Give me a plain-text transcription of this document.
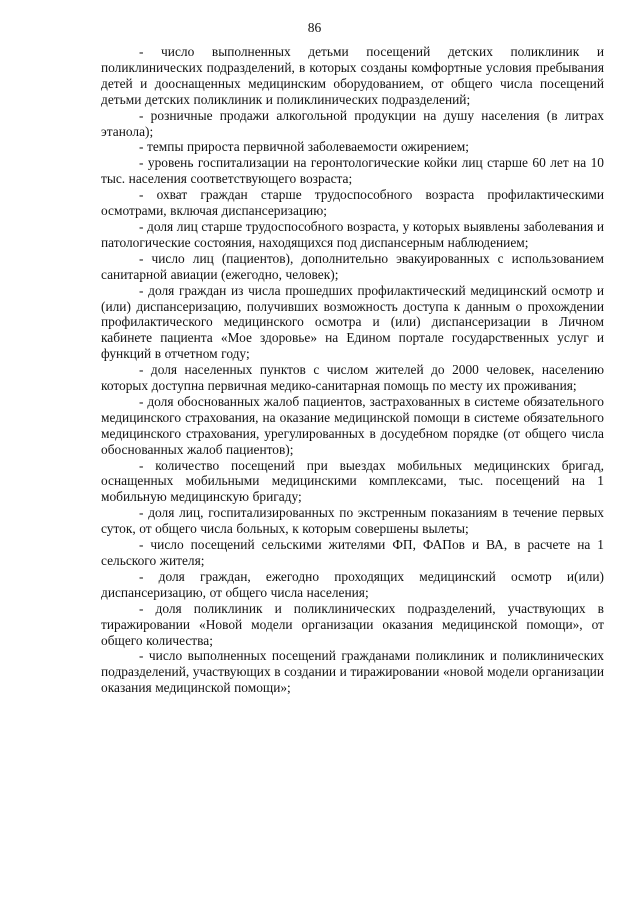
86

- число выполненных детьми посещений детских поликлиник и поликлинических подразделений, в которых созданы комфортные условия пребывания детей и дооснащенных медицинским оборудованием, от общего числа посещений детьми детских поликлиник и поликлинических подразделений;

- розничные продажи алкогольной продукции на душу населения (в литрах этанола);

- темпы прироста первичной заболеваемости ожирением;

- уровень госпитализации на геронтологические койки лиц старше 60 лет на 10 тыс. населения соответствующего возраста;

- охват граждан старше трудоспособного возраста профилактическими осмотрами, включая диспансеризацию;

- доля лиц старше трудоспособного возраста, у которых выявлены заболевания и патологические состояния, находящихся под диспансерным наблюдением;

- число лиц (пациентов), дополнительно эвакуированных с использованием санитарной авиации (ежегодно, человек);

- доля граждан из числа прошедших профилактический медицинский осмотр и (или) диспансеризацию, получивших возможность доступа к данным о прохождении профилактического медицинского осмотра и (или) диспансеризации в Личном кабинете пациента «Мое здоровье» на Едином портале государственных услуг и функций в отчетном году;

- доля населенных пунктов с числом жителей до 2000 человек, населению которых доступна первичная медико-санитарная помощь по месту их проживания;

- доля обоснованных жалоб пациентов, застрахованных в системе обязательного медицинского страхования, на оказание медицинской помощи в системе обязательного медицинского страхования, урегулированных в досудебном порядке (от общего числа обоснованных жалоб пациентов);

- количество посещений при выездах мобильных медицинских бригад, оснащенных мобильными медицинскими комплексами, тыс. посещений на 1 мобильную медицинскую бригаду;

- доля лиц, госпитализированных по экстренным показаниям в течение первых суток, от общего числа больных, к которым совершены вылеты;

- число посещений сельскими жителями ФП, ФАПов и ВА, в расчете на 1 сельского жителя;

- доля граждан, ежегодно проходящих медицинский осмотр и(или) диспансеризацию, от общего числа населения;

- доля поликлиник и поликлинических подразделений, участвующих в тиражировании «Новой модели организации оказания медицинской помощи», от общего количества;

- число выполненных посещений гражданами поликлиник и поликлинических подразделений, участвующих в создании и тиражировании «новой модели организации оказания медицинской помощи»;
